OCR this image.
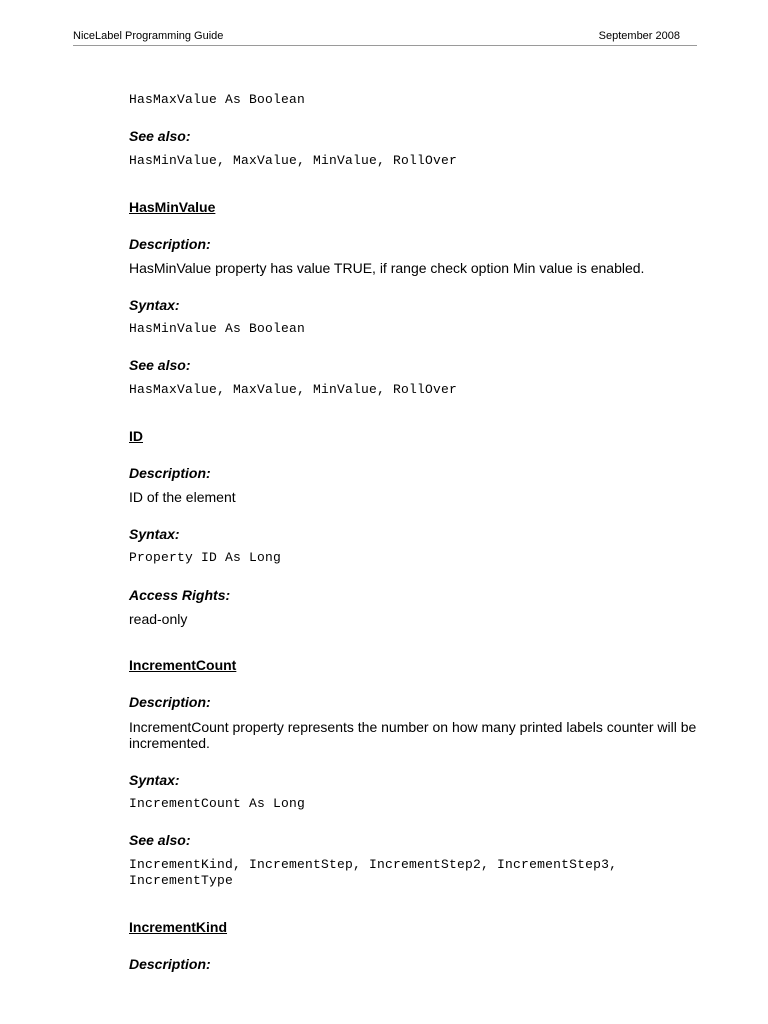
NiceLabel Programming Guide	September 2008
HasMaxValue As Boolean
See also:
HasMinValue, MaxValue, MinValue, RollOver
HasMinValue
Description:
HasMinValue property has value TRUE, if range check option Min value is enabled.
Syntax:
HasMinValue As Boolean
See also:
HasMaxValue, MaxValue, MinValue, RollOver
ID
Description:
ID of the element
Syntax:
Property ID As Long
Access Rights:
read-only
IncrementCount
Description:
IncrementCount property represents the number on how many printed labels counter will be incremented.
Syntax:
IncrementCount As Long
See also:
IncrementKind, IncrementStep, IncrementStep2, IncrementStep3,
IncrementType
IncrementKind
Description:
